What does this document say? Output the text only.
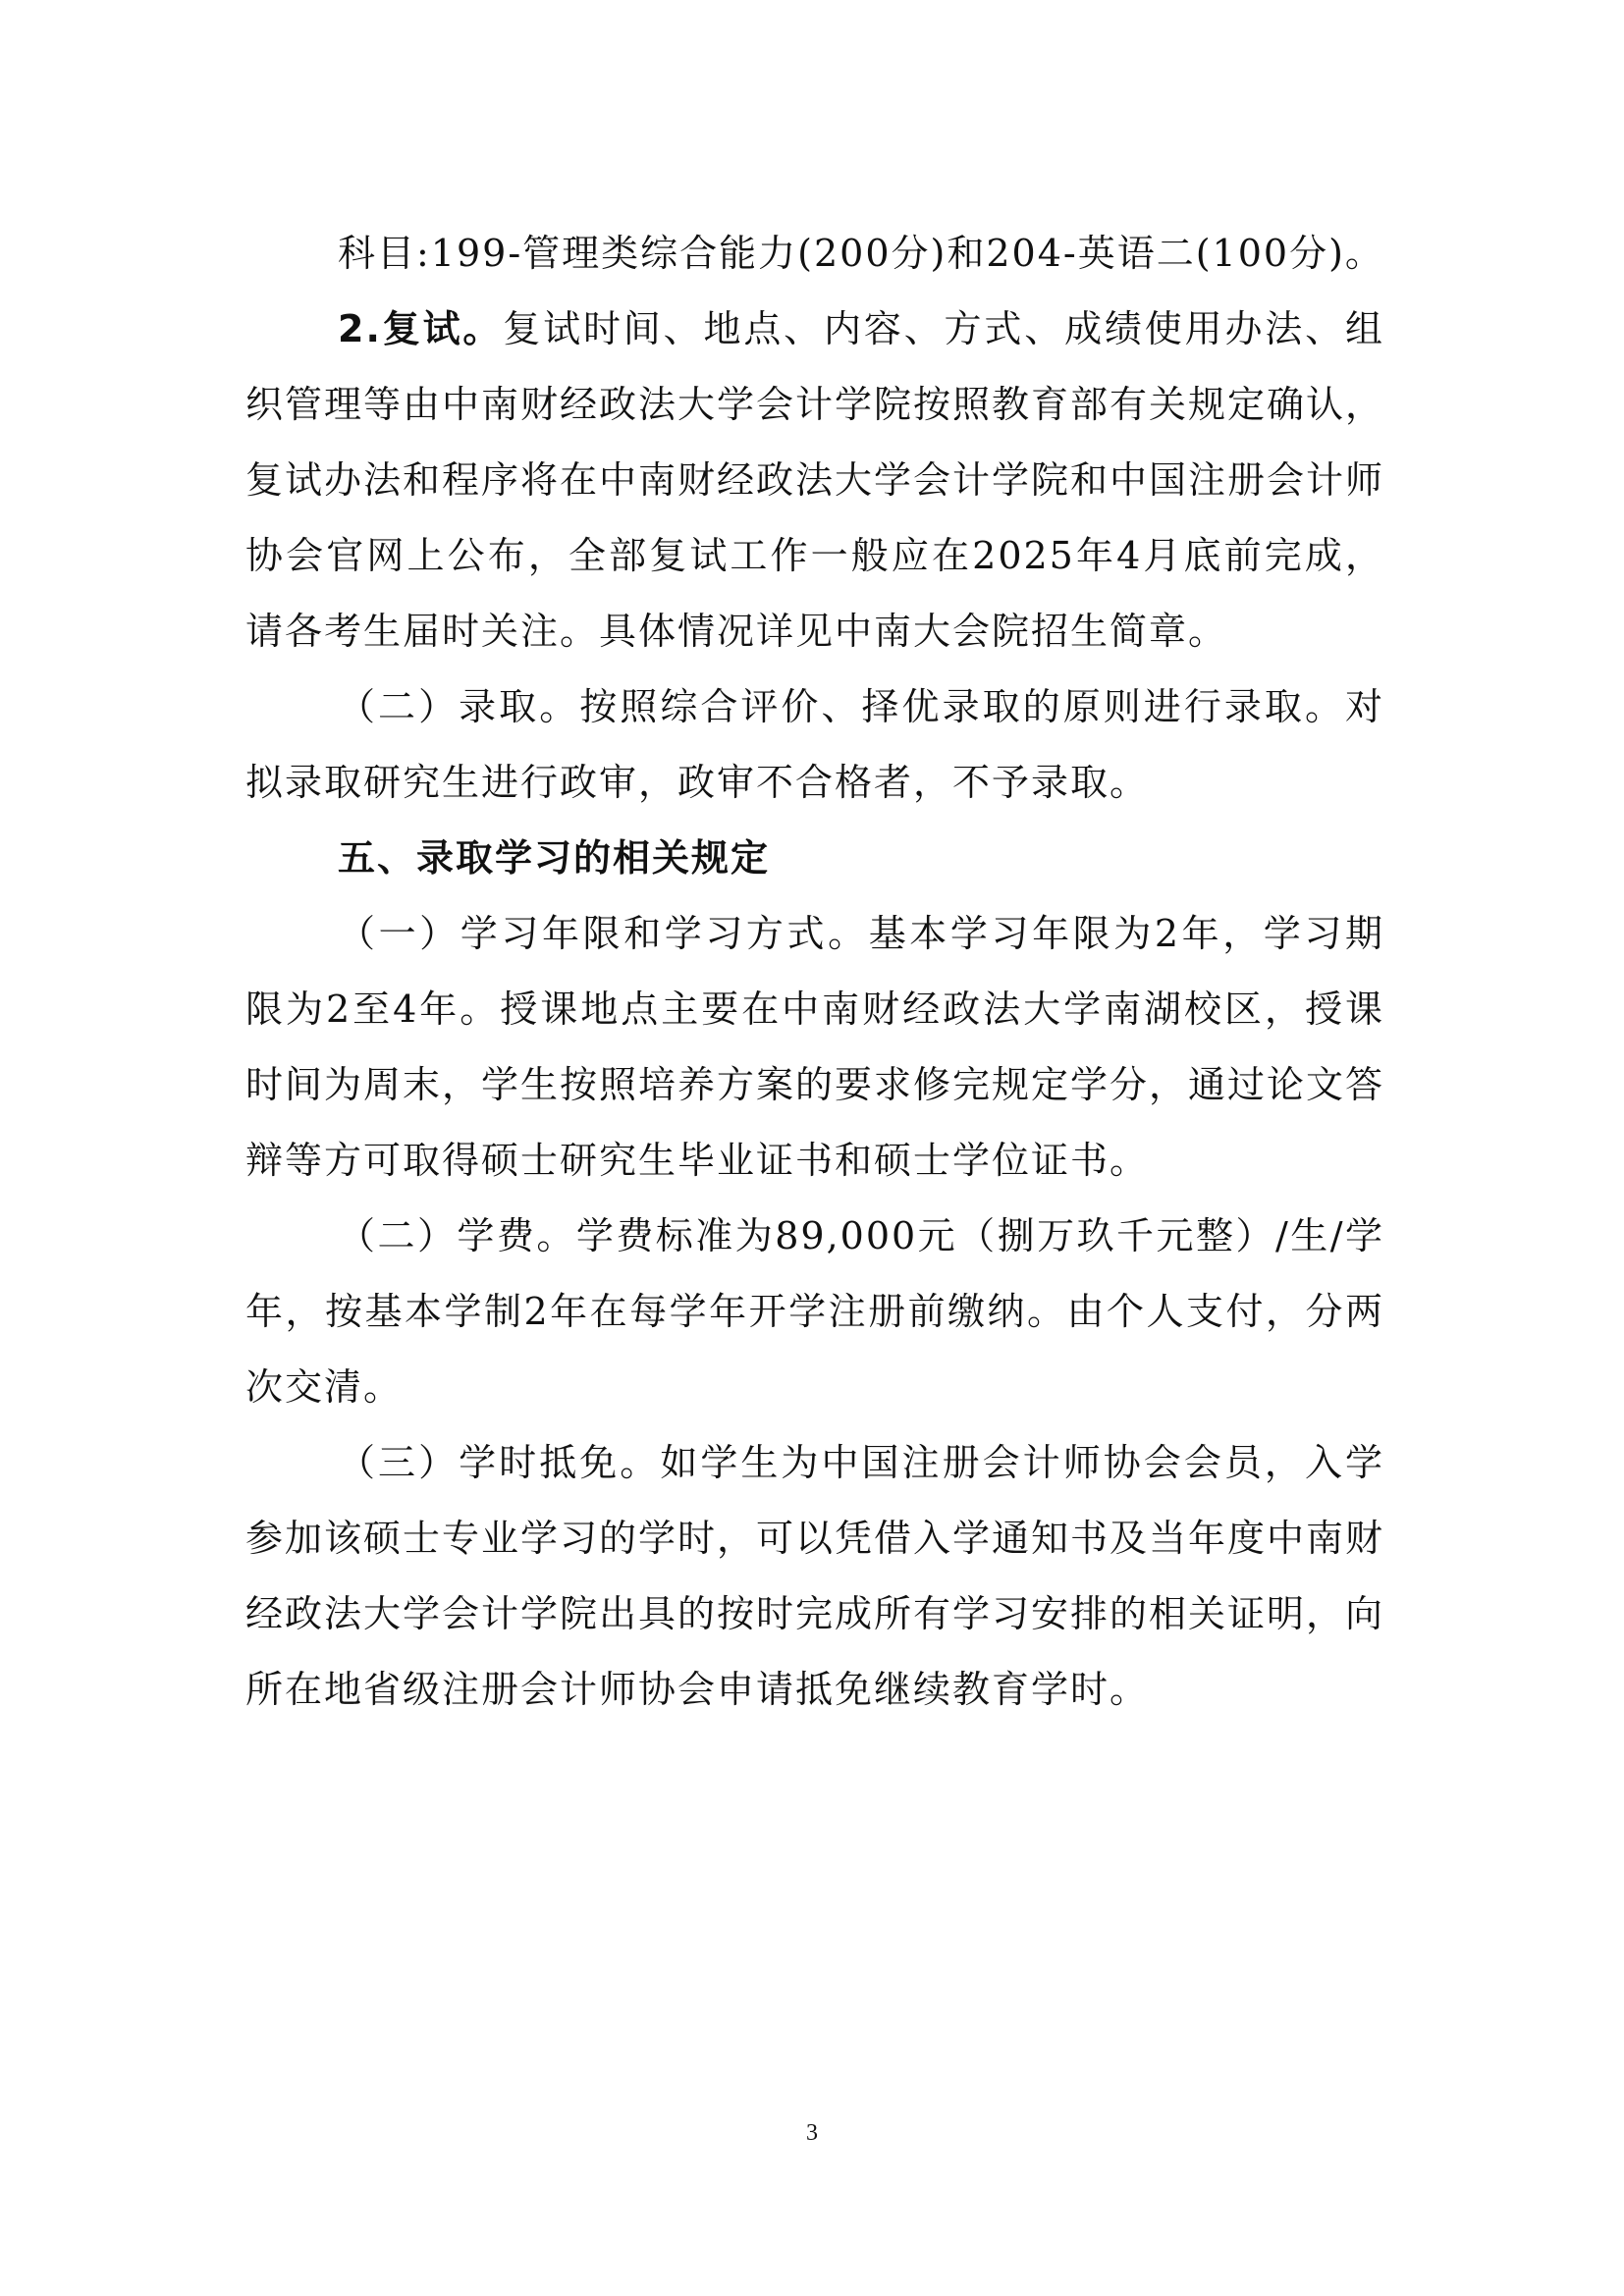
科目:199-管理类综合能力(200分)和204-英语二(100分)。

2.复试。复试时间、地点、内容、方式、成绩使用办法、组织管理等由中南财经政法大学会计学院按照教育部有关规定确认，复试办法和程序将在中南财经政法大学会计学院和中国注册会计师协会官网上公布，全部复试工作一般应在2025年4月底前完成，请各考生届时关注。具体情况详见中南大会院招生简章。

（二）录取。按照综合评价、择优录取的原则进行录取。对拟录取研究生进行政审，政审不合格者，不予录取。

五、录取学习的相关规定

（一）学习年限和学习方式。基本学习年限为2年，学习期限为2至4年。授课地点主要在中南财经政法大学南湖校区，授课时间为周末，学生按照培养方案的要求修完规定学分，通过论文答辩等方可取得硕士研究生毕业证书和硕士学位证书。

（二）学费。学费标准为89,000元（捌万玖千元整）/生/学年，按基本学制2年在每学年开学注册前缴纳。由个人支付，分两次交清。

（三）学时抵免。如学生为中国注册会计师协会会员，入学参加该硕士专业学习的学时，可以凭借入学通知书及当年度中南财经政法大学会计学院出具的按时完成所有学习安排的相关证明，向所在地省级注册会计师协会申请抵免继续教育学时。

3
